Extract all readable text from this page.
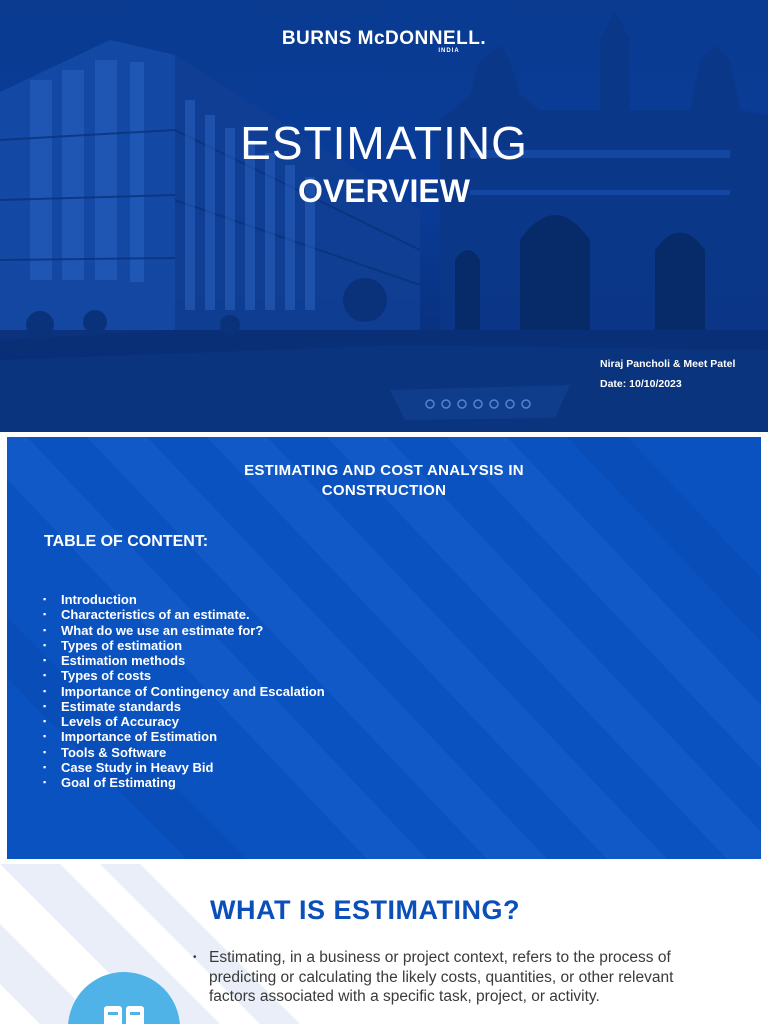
BURNS McDONNELL.
INDIA
ESTIMATING
OVERVIEW
Niraj Pancholi & Meet Patel
Date: 10/10/2023
ESTIMATING AND COST ANALYSIS IN
CONSTRUCTION
TABLE OF CONTENT:
▪	Introduction
▪	Characteristics of an estimate.
▪	What do we use an estimate for?
▪	Types of estimation
▪	Estimation methods
▪	Types of costs
▪	Importance of Contingency and Escalation
▪	Estimate standards
▪	Levels of Accuracy
▪	Importance of Estimation
▪	Tools & Software
▪	Case Study in Heavy Bid
▪	Goal of Estimating
WHAT IS ESTIMATING?
• Estimating, in a business or project context, refers to the process of predicting or calculating the likely costs, quantities, or other relevant factors associated with a specific task, project, or activity.
